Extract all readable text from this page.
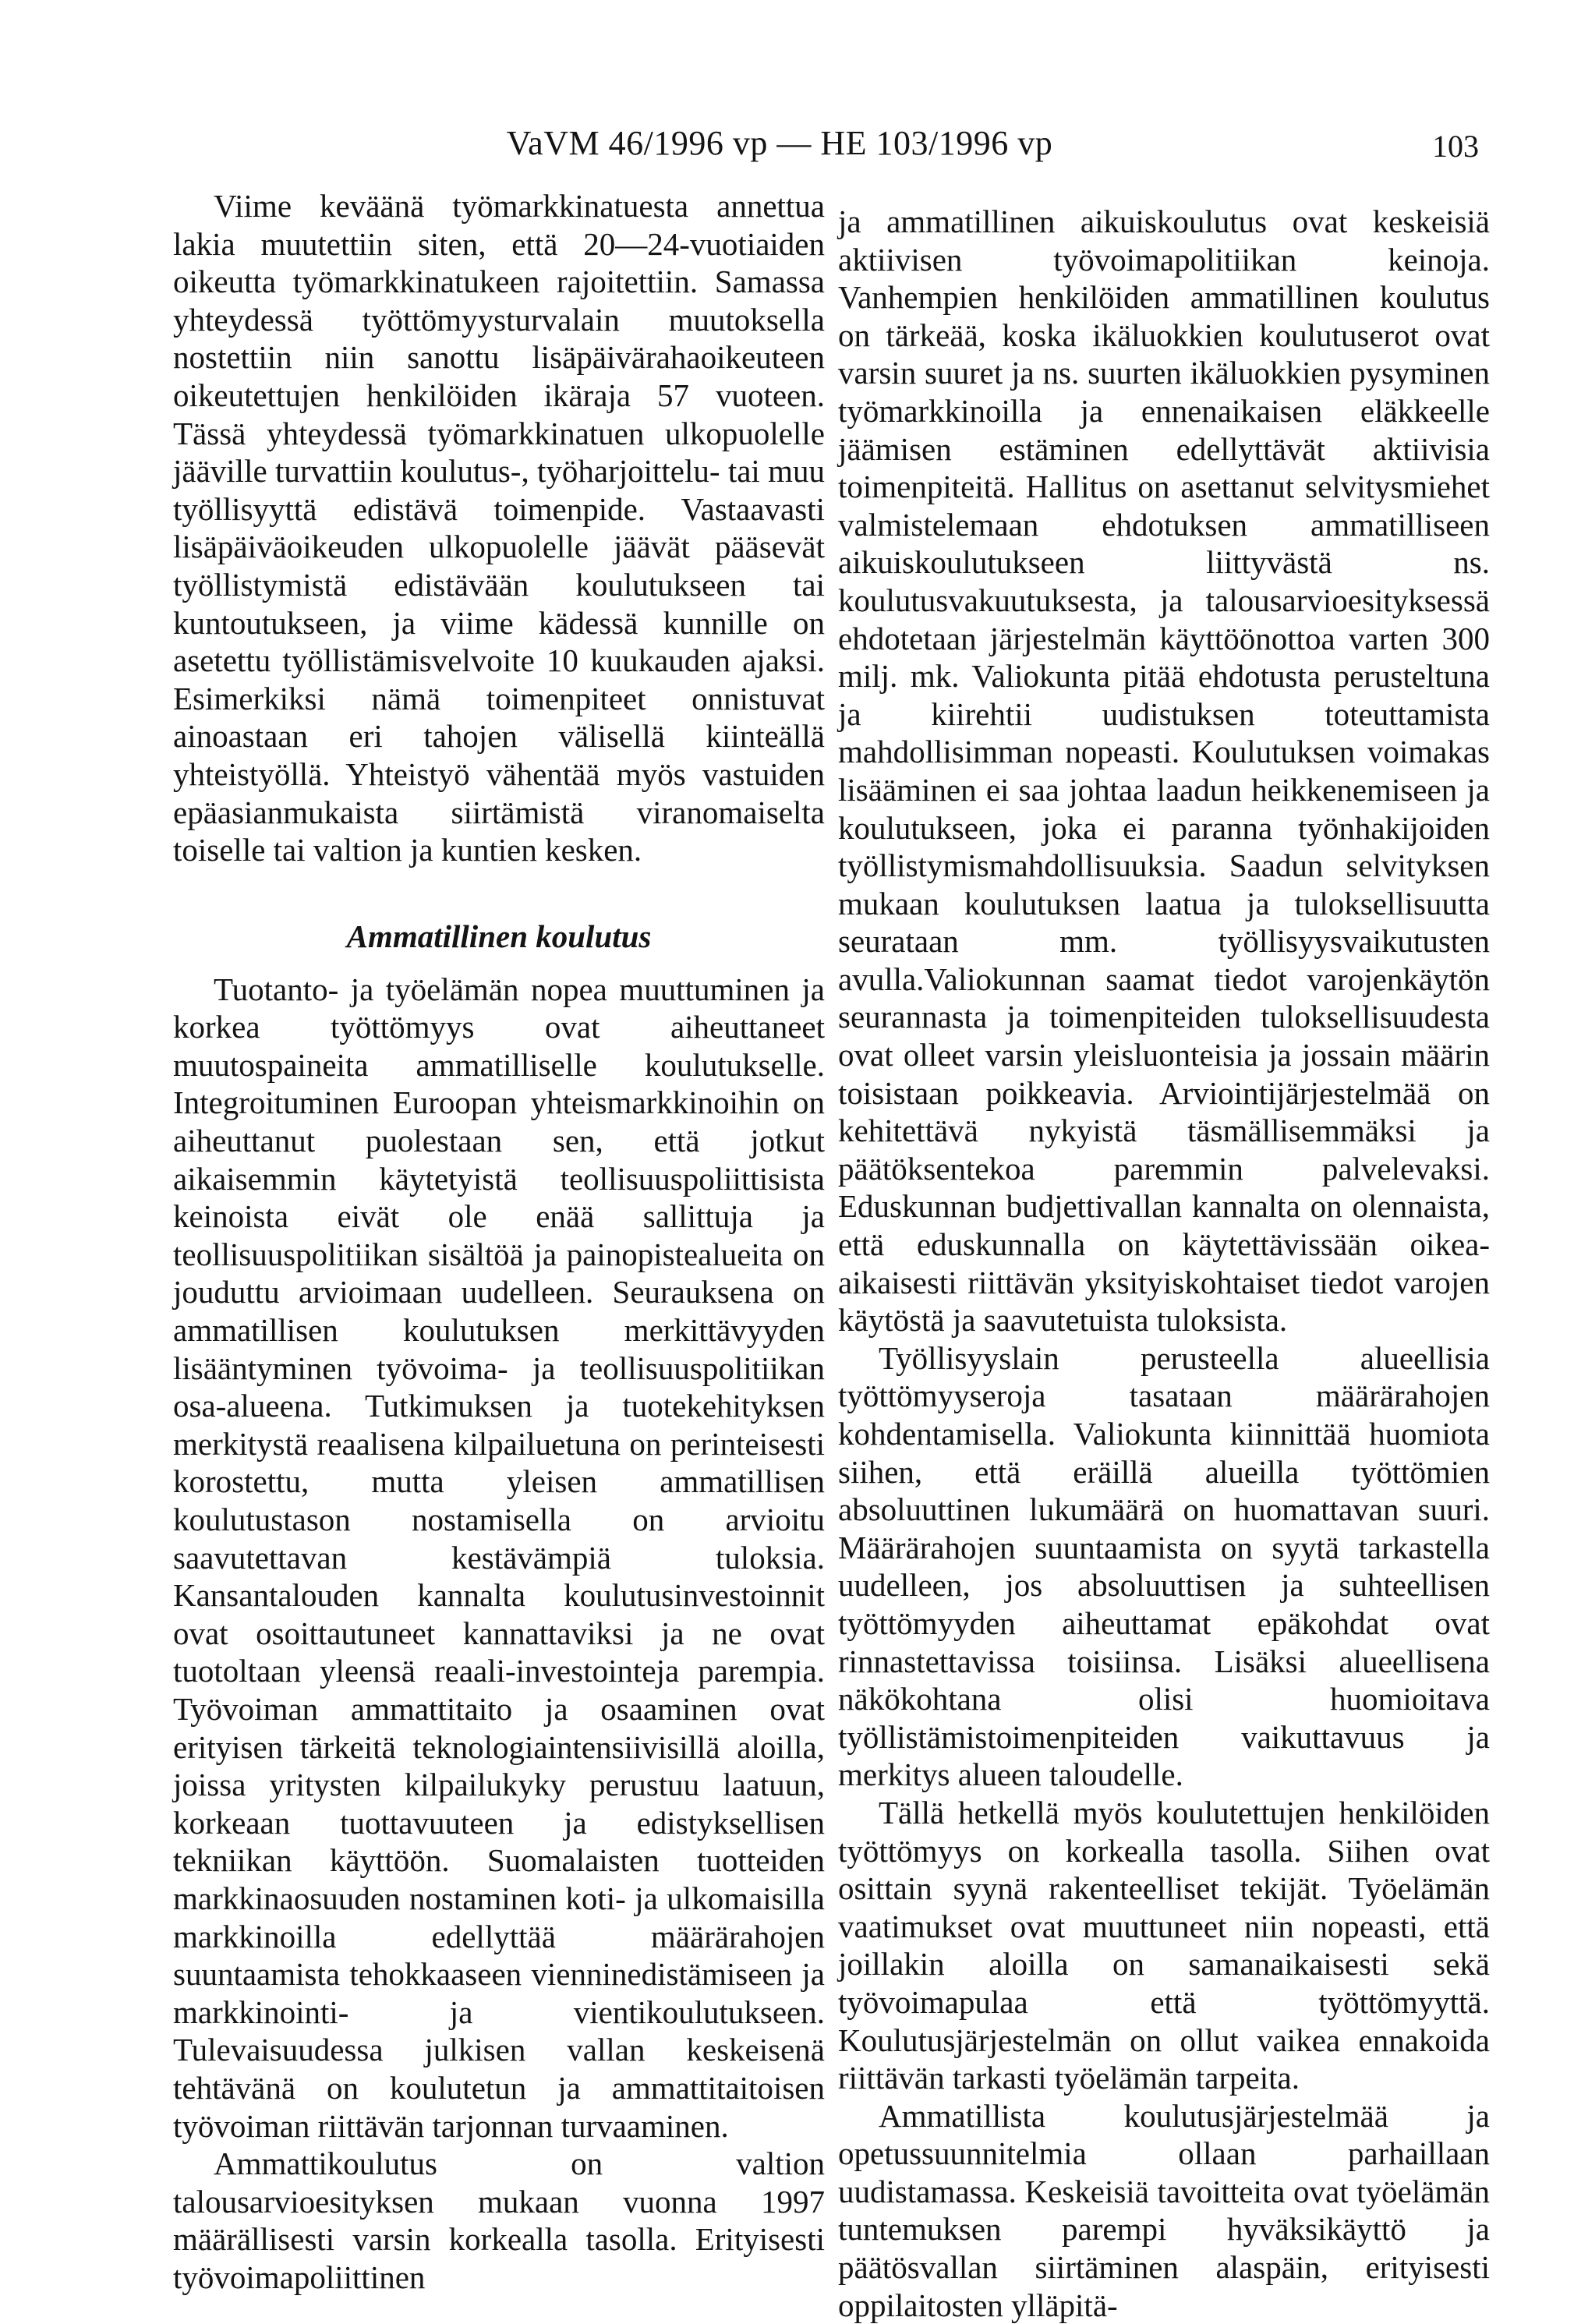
VaVM 46/1996 vp — HE 103/1996 vp	103

Viime keväänä työmarkkinatuesta annettua lakia muutettiin siten, että 20—24-vuotiaiden oikeutta työmarkkinatukeen rajoitettiin. Samassa yhteydessä työttömyysturvalain muutoksella nostettiin niin sanottu lisäpäivärahaoikeuteen oikeutettujen henkilöiden ikäraja 57 vuoteen. Tässä yhteydessä työmarkkinatuen ulkopuolelle jääville turvattiin koulutus-, työharjoittelu- tai muu työllisyyttä edistävä toimenpide. Vastaavasti lisäpäiväoikeuden ulkopuolelle jäävät pääsevät työllistymistä edistävään koulutukseen tai kuntoutukseen, ja viime kädessä kunnille on asetettu työllistämisvelvoite 10 kuukauden ajaksi. Esimerkiksi nämä toimenpiteet onnistuvat ainoastaan eri tahojen välisellä kiinteällä yhteistyöllä. Yhteistyö vähentää myös vastuiden epäasianmukaista siirtämistä viranomaiselta toiselle tai valtion ja kuntien kesken.

Ammatillinen koulutus

Tuotanto- ja työelämän nopea muuttuminen ja korkea työttömyys ovat aiheuttaneet muutospaineita ammatilliselle koulutukselle. Integroituminen Euroopan yhteismarkkinoihin on aiheuttanut puolestaan sen, että jotkut aikaisemmin käytetyistä teollisuuspoliittisista keinoista eivät ole enää sallittuja ja teollisuuspolitiikan sisältöä ja painopistealueita on jouduttu arvioimaan uudelleen. Seurauksena on ammatillisen koulutuksen merkittävyyden lisääntyminen työvoima- ja teollisuuspolitiikan osa-alueena. Tutkimuksen ja tuotekehityksen merkitystä reaalisena kilpailuetuna on perinteisesti korostettu, mutta yleisen ammatillisen koulutustason nostamisella on arvioitu saavutettavan kestävämpiä tuloksia. Kansantalouden kannalta koulutusinvestoinnit ovat osoittautuneet kannattaviksi ja ne ovat tuotoltaan yleensä reaali-investointeja parempia. Työvoiman ammattitaito ja osaaminen ovat erityisen tärkeitä teknologiaintensiivisillä aloilla, joissa yritysten kilpailukyky perustuu laatuun, korkeaan tuottavuuteen ja edistyksellisen tekniikan käyttöön. Suomalaisten tuotteiden markkinaosuuden nostaminen koti- ja ulkomaisilla markkinoilla edellyttää määrärahojen suuntaamista tehokkaaseen vienninedistämiseen ja markkinointi- ja vientikoulutukseen. Tulevaisuudessa julkisen vallan keskeisenä tehtävänä on koulutetun ja ammattitaitoisen työvoiman riittävän tarjonnan turvaaminen.

Ammattikoulutus on valtion talousarvioesityksen mukaan vuonna 1997 määrällisesti varsin korkealla tasolla. Erityisesti työvoimapoliittinen

ja ammatillinen aikuiskoulutus ovat keskeisiä aktiivisen työvoimapolitiikan keinoja. Vanhempien henkilöiden ammatillinen koulutus on tärkeää, koska ikäluokkien koulutuserot ovat varsin suuret ja ns. suurten ikäluokkien pysyminen työmarkkinoilla ja ennenaikaisen eläkkeelle jäämisen estäminen edellyttävät aktiivisia toimenpiteitä. Hallitus on asettanut selvitysmiehet valmistelemaan ehdotuksen ammatilliseen aikuiskoulutukseen liittyvästä ns. koulutusvakuutuksesta, ja talousarvioesityksessä ehdotetaan järjestelmän käyttöönottoa varten 300 milj. mk. Valiokunta pitää ehdotusta perusteltuna ja kiirehtii uudistuksen toteuttamista mahdollisimman nopeasti. Koulutuksen voimakas lisääminen ei saa johtaa laadun heikkenemiseen ja koulutukseen, joka ei paranna työnhakijoiden työllistymismahdollisuuksia. Saadun selvityksen mukaan koulutuksen laatua ja tuloksellisuutta seurataan mm. työllisyysvaikutusten avulla.Valiokunnan saamat tiedot varojenkäytön seurannasta ja toimenpiteiden tuloksellisuudesta ovat olleet varsin yleisluonteisia ja jossain määrin toisistaan poikkeavia. Arviointijärjestelmää on kehitettävä nykyistä täsmällisemmäksi ja päätöksentekoa paremmin palvelevaksi. Eduskunnan budjettivallan kannalta on olennaista, että eduskunnalla on käytettävissään oikea-aikaisesti riittävän yksityiskohtaiset tiedot varojen käytöstä ja saavutetuista tuloksista.

Työllisyyslain perusteella alueellisia työttömyyseroja tasataan määrärahojen kohdentamisella. Valiokunta kiinnittää huomiota siihen, että eräillä alueilla työttömien absoluuttinen lukumäärä on huomattavan suuri. Määrärahojen suuntaamista on syytä tarkastella uudelleen, jos absoluuttisen ja suhteellisen työttömyyden aiheuttamat epäkohdat ovat rinnastettavissa toisiinsa. Lisäksi alueellisena näkökohtana olisi huomioitava työllistämistoimenpiteiden vaikuttavuus ja merkitys alueen taloudelle.

Tällä hetkellä myös koulutettujen henkilöiden työttömyys on korkealla tasolla. Siihen ovat osittain syynä rakenteelliset tekijät. Työelämän vaatimukset ovat muuttuneet niin nopeasti, että joillakin aloilla on samanaikaisesti sekä työvoimapulaa että työttömyyttä. Koulutusjärjestelmän on ollut vaikea ennakoida riittävän tarkasti työelämän tarpeita.

Ammatillista koulutusjärjestelmää ja opetussuunnitelmia ollaan parhaillaan uudistamassa. Keskeisiä tavoitteita ovat työelämän tuntemuksen parempi hyväksikäyttö ja päätösvallan siirtäminen alaspäin, erityisesti oppilaitosten ylläpitä-
